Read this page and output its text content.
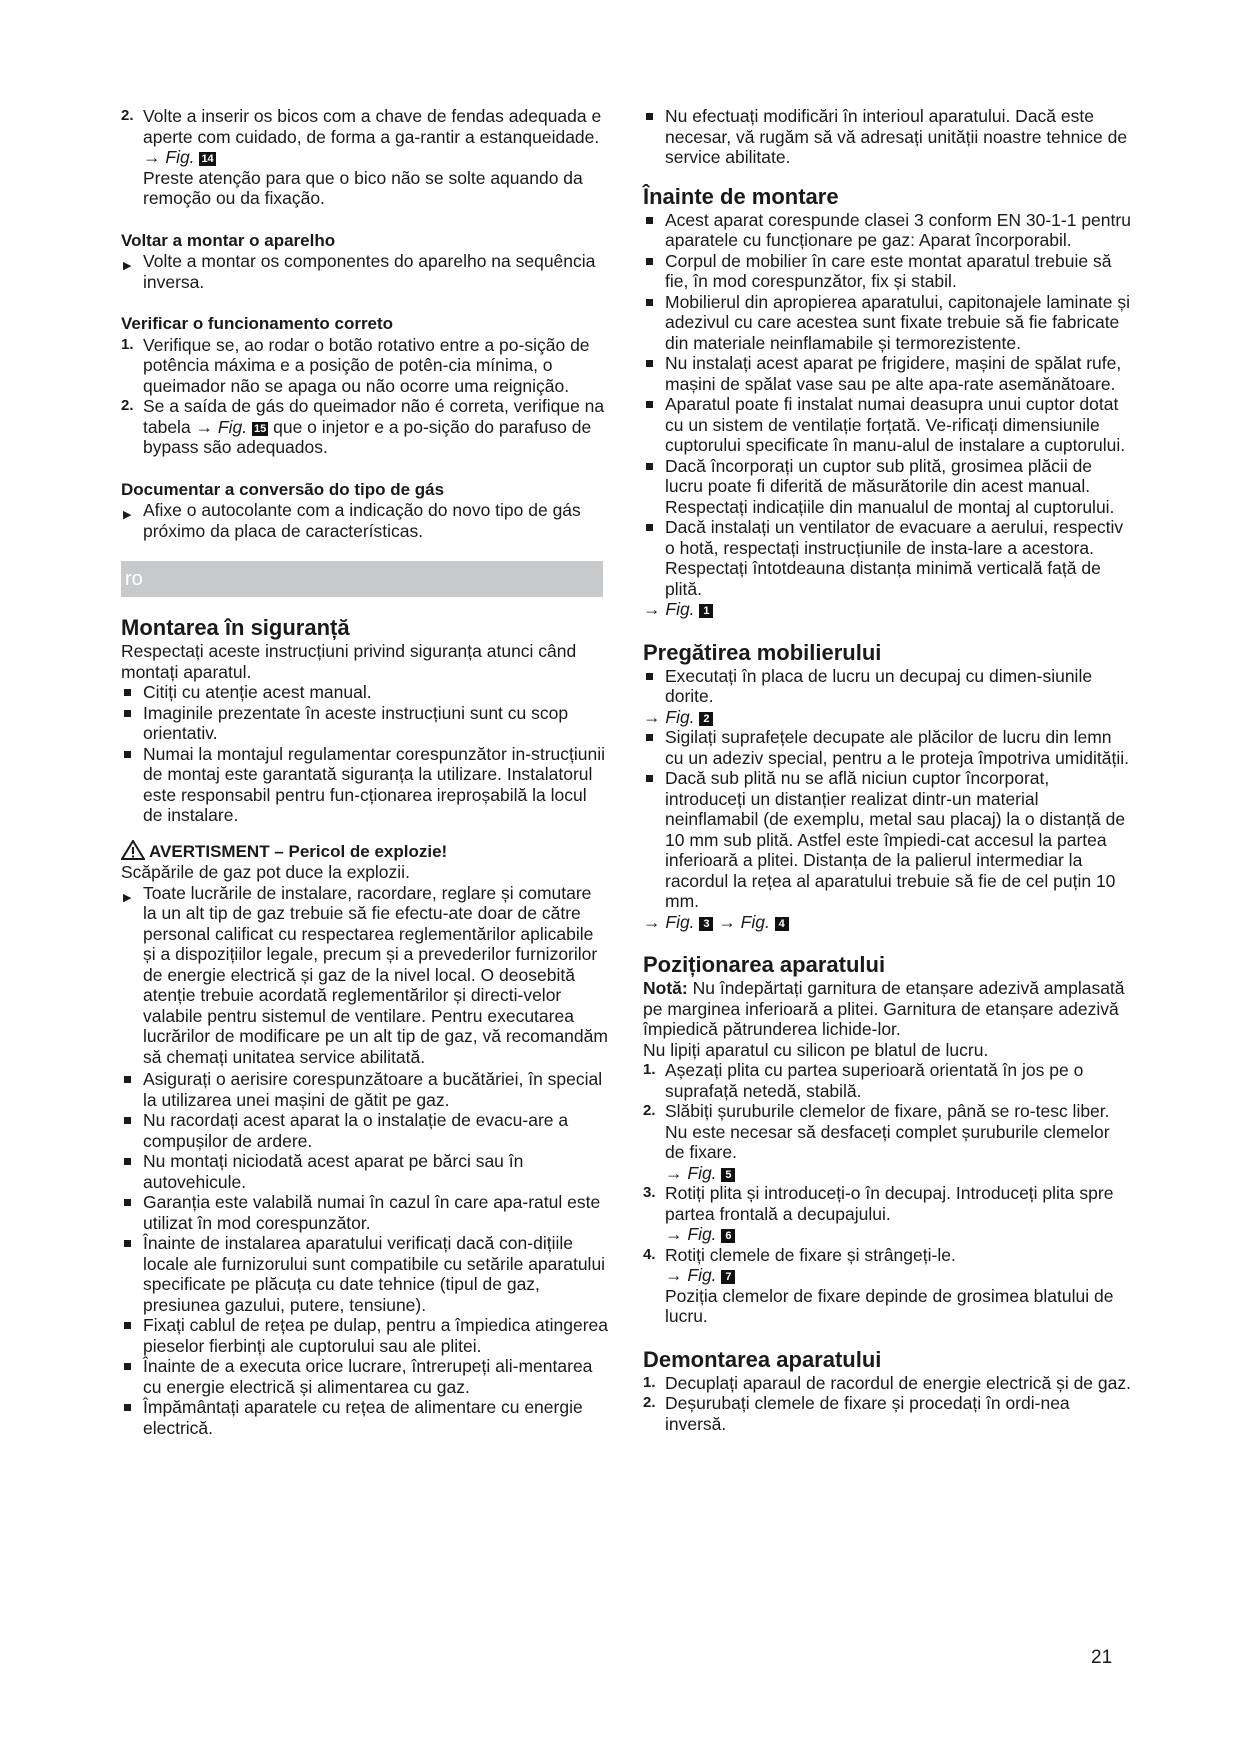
2. Volte a inserir os bicos com a chave de fendas adequada e aperte com cuidado, de forma a ga-rantir a estanqueidade.

→ Fig. 14

Preste atenção para que o bico não se solte aquando da remoção ou da fixação.

Voltar a montar o aparelho

▶ Volte a montar os componentes do aparelho na sequência inversa.

Verificar o funcionamento correto

1. Verifique se, ao rodar o botão rotativo entre a po-sição de potência máxima e a posição de potên-cia mínima, o queimador não se apaga ou não ocorre uma reignição.

2. Se a saída de gás do queimador não é correta, verifique na tabela → Fig. 15 que o injetor e a po-sição do parafuso de bypass são adequados.

Documentar a conversão do tipo de gás

▶ Afixe o autocolante com a indicação do novo tipo de gás próximo da placa de características.

ro

Montarea în siguranță

Respectați aceste instrucțiuni privind siguranța atunci când montați aparatul.

Citiți cu atenție acest manual.

Imaginile prezentate în aceste instrucțiuni sunt cu scop orientativ.

Numai la montajul regulamentar corespunzător in-strucțiunii de montaj este garantată siguranța la utilizare. Instalatorul este responsabil pentru fun-cționarea ireproșabilă la locul de instalare.

AVERTISMENT – Pericol de explozie!

Scăpările de gaz pot duce la explozii.

▶ Toate lucrările de instalare, racordare, reglare și comutare la un alt tip de gaz trebuie să fie efectu-ate doar de către personal calificat cu respectarea reglementărilor aplicabile și a dispozițiilor legale, precum și a prevederilor furnizorilor de energie electrică și gaz de la nivel local. O deosebită atenție trebuie acordată reglementărilor și directi-velor valabile pentru sistemul de ventilare. Pentru executarea lucrărilor de modificare pe un alt tip de gaz, vă recomandăm să chemați unitatea service abilitată.

Asigurați o aerisire corespunzătoare a bucătăriei, în special la utilizarea unei mașini de gătit pe gaz.

Nu racordați acest aparat la o instalație de evacu-are a compușilor de ardere.

Nu montați niciodată acest aparat pe bărci sau în autovehicule.

Garanția este valabilă numai în cazul în care apa-ratul este utilizat în mod corespunzător.

Înainte de instalarea aparatului verificați dacă con-dițiile locale ale furnizorului sunt compatibile cu setările aparatului specificate pe plăcuța cu date tehnice (tipul de gaz, presiunea gazului, putere, tensiune).

Fixați cablul de rețea pe dulap, pentru a împiedica atingerea pieselor fierbinți ale cuptorului sau ale plitei.

Înainte de a executa orice lucrare, întrerupeți ali-mentarea cu energie electrică și alimentarea cu gaz.

Împământați aparatele cu rețea de alimentare cu energie electrică.

Nu efectuați modificări în interioul aparatului. Dacă este necesar, vă rugăm să vă adresați unității noastre tehnice de service abilitate.

Înainte de montare

Acest aparat corespunde clasei 3 conform EN 30-1-1 pentru aparatele cu funcționare pe gaz: Aparat încorporabil.

Corpul de mobilier în care este montat aparatul trebuie să fie, în mod corespunzător, fix și stabil.

Mobilierul din apropierea aparatului, capitonajele laminate și adezivul cu care acestea sunt fixate trebuie să fie fabricate din materiale neinflamabile și termorezistente.

Nu instalați acest aparat pe frigidere, mașini de spălat rufe, mașini de spălat vase sau pe alte apa-rate asemănătoare.

Aparatul poate fi instalat numai deasupra unui cuptor dotat cu un sistem de ventilație forțată. Ve-rificați dimensiunile cuptorului specificate în manu-alul de instalare a cuptorului.

Dacă încorporați un cuptor sub plită, grosimea plăcii de lucru poate fi diferită de măsurătorile din acest manual. Respectați indicațiile din manualul de montaj al cuptorului.

Dacă instalați un ventilator de evacuare a aerului, respectiv o hotă, respectați instrucțiunile de insta-lare a acestora. Respectați întotdeauna distanța minimă verticală față de plită.

→ Fig. 1

Pregătirea mobilierului

Executați în placa de lucru un decupaj cu dimen-siunile dorite.

→ Fig. 2

Sigilați suprafețele decupate ale plăcilor de lucru din lemn cu un adeziv special, pentru a le proteja împotriva umidității.

Dacă sub plită nu se află niciun cuptor încorporat, introduceți un distanțier realizat dintr-un material neinflamabil (de exemplu, metal sau placaj) la o distanță de 10 mm sub plită. Astfel este împiedi-cat accesul la partea inferioară a plitei. Distanța de la palierul intermediar la racordul la rețea al aparatului trebuie să fie de cel puțin 10 mm.

→ Fig. 3 → Fig. 4

Poziționarea aparatului

Notă: Nu îndepărtați garnitura de etanșare adezivă amplasată pe marginea inferioară a plitei. Garnitura de etanșare adezivă împiedică pătrunderea lichide-lor.

Nu lipiți aparatul cu silicon pe blatul de lucru.

1. Așezați plita cu partea superioară orientată în jos pe o suprafață netedă, stabilă.

2. Slăbiți șuruburile clemelor de fixare, până se ro-tesc liber. Nu este necesar să desfaceți complet șuruburile clemelor de fixare.

→ Fig. 5

3. Rotiți plita și introduceți-o în decupaj. Introduceți plita spre partea frontală a decupajului.

→ Fig. 6

4. Rotiți clemele de fixare și strângeți-le.

→ Fig. 7

Poziția clemelor de fixare depinde de grosimea blatului de lucru.

Demontarea aparatului

1. Decuplați aparaul de racordul de energie electrică și de gaz.

2. Deșurubați clemele de fixare și procedați în ordi-nea inversă.

21
